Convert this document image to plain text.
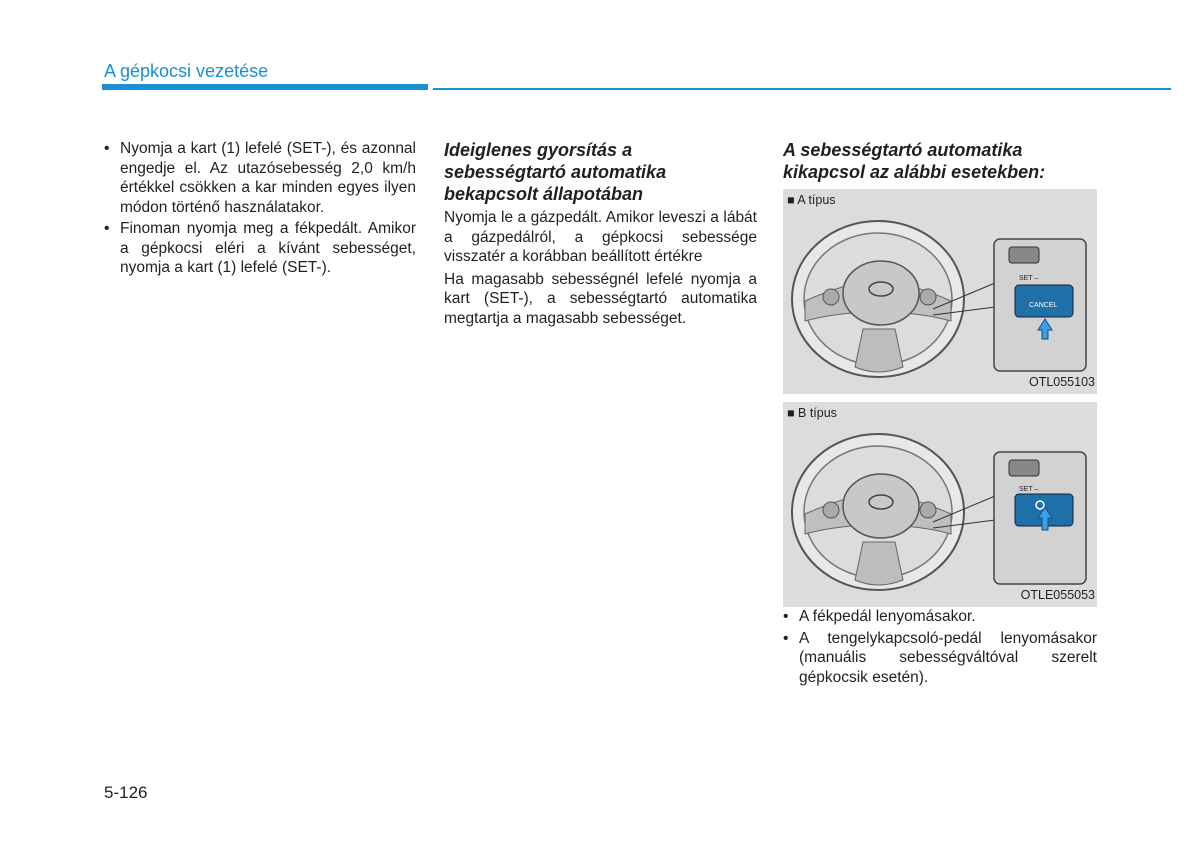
A gépkocsi vezetése
• Nyomja a kart (1) lefelé (SET-), és azonnal engedje el. Az utazósebesség 2,0 km/h értékkel csökken a kar minden egyes ilyen módon történő használatakor.
• Finoman nyomja meg a fékpedált. Amikor a gépkocsi eléri a kívánt sebességet, nyomja a kart (1) lefelé (SET-).
Ideiglenes gyorsítás a sebességtartó automatika bekapcsolt állapotában

Nyomja le a gázpedált. Amikor leveszi a lábát a gázpedálról, a gépkocsi sebessége visszatér a korábban beállított értékre

Ha magasabb sebességnél lefelé nyomja a kart (SET-), a sebességtartó automatika megtartja a magasabb sebességet.

A sebességtartó automatika kikapcsol az alábbi esetekben:
■ A típus
SET –
CANCEL
OTL055103
■ B típus
SET –
OTLE055053
• A fékpedál lenyomásakor.
• A tengelykapcsoló-pedál lenyomásakor (manuális sebességváltóval szerelt gépkocsik esetén).
5-126
